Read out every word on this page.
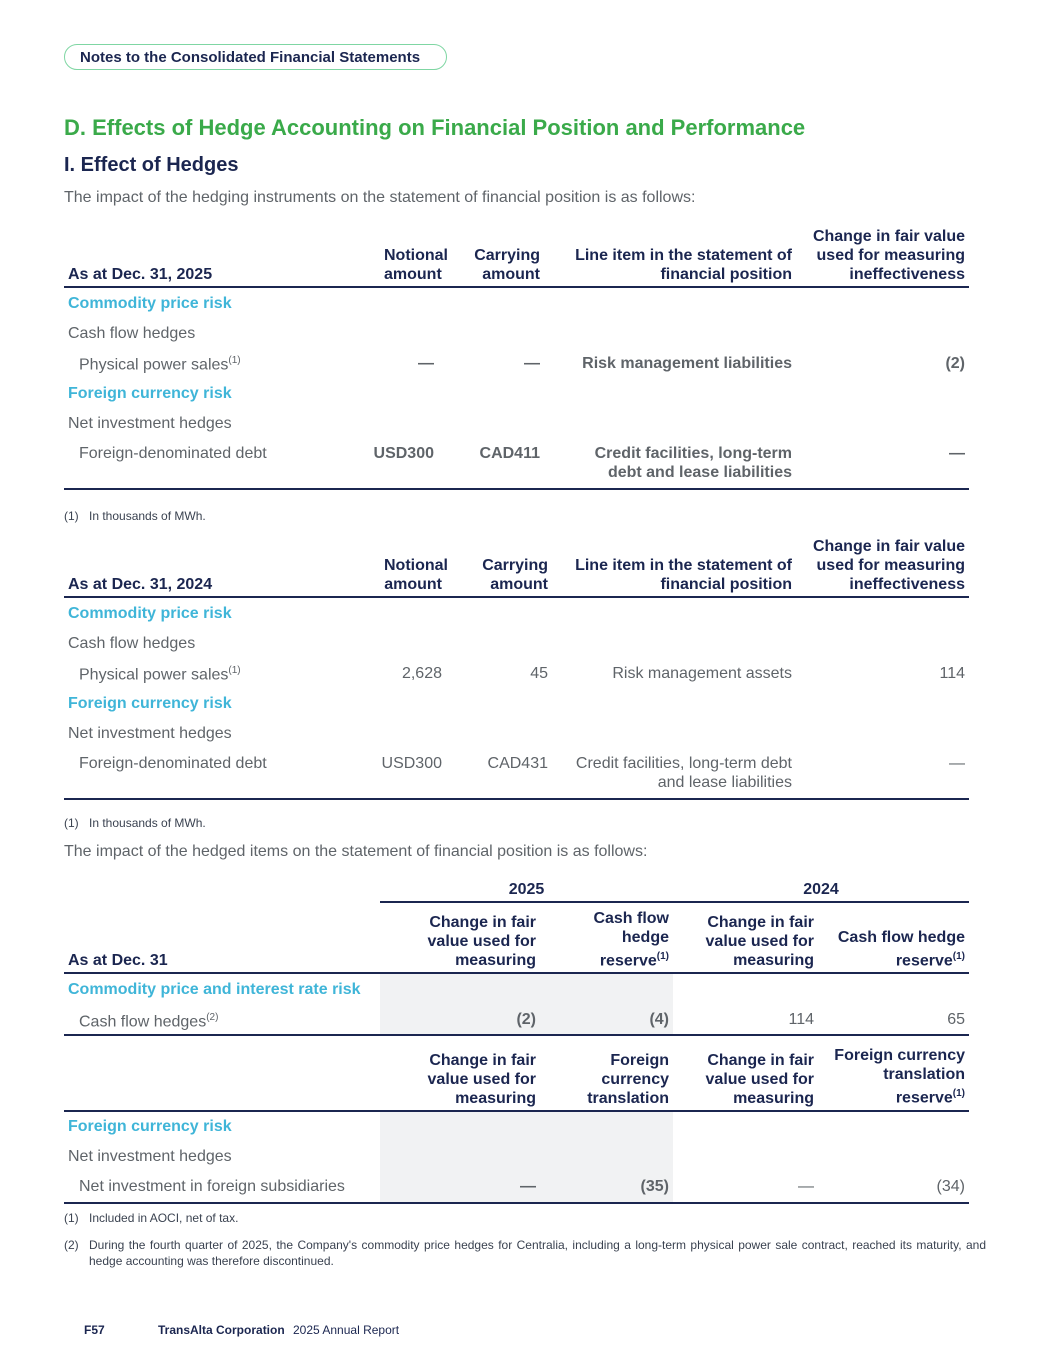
Notes to the Consolidated Financial Statements
D. Effects of Hedge Accounting on Financial Position and Performance
I. Effect of Hedges
The impact of the hedging instruments on the statement of financial position is as follows:
As at Dec. 31, 2025	Notional amount	Carrying amount	Line item in the statement of financial position	Change in fair value used for measuring ineffectiveness
Commodity price risk				
Cash flow hedges				
Physical power sales$^{(1)}$	—	—	Risk management liabilities	(2)
Foreign currency risk				
Net investment hedges				
Foreign-denominated debt	USD300	CAD411	Credit facilities, long-term debt and lease liabilities	—
(1) In thousands of MWh.
As at Dec. 31, 2024	Notional amount	Carrying amount	Line item in the statement of financial position	Change in fair value used for measuring ineffectiveness
Commodity price risk				
Cash flow hedges				
Physical power sales$^{(1)}$	2,628	45	Risk management assets	114
Foreign currency risk				
Net investment hedges				
Foreign-denominated debt	USD300	CAD431	Credit facilities, long-term debt and lease liabilities	—
(1) In thousands of MWh.
The impact of the hedged items on the statement of financial position is as follows:
	2025		2024	
As at Dec. 31	Change in fair value used for measuring	Cash flow hedge reserve$^{(1)}$	Change in fair value used for measuring	Cash flow hedge reserve$^{(1)}$
Commodity price and interest rate risk				
Cash flow hedges$^{(2)}$	(2)	(4)	114	65
	Change in fair value used for measuring	Foreign currency translation	Change in fair value used for measuring	Foreign currency translation reserve$^{(1)}$
Foreign currency risk				
Net investment hedges				
Net investment in foreign subsidiaries	—	(35)	—	(34)
(1) Included in AOCI, net of tax.
(2) During the fourth quarter of 2025, the Company's commodity price hedges for Centralia, including a long-term physical power sale contract, reached its maturity, and hedge accounting was therefore discontinued.
F57	TransAlta Corporation 2025 Annual Report
